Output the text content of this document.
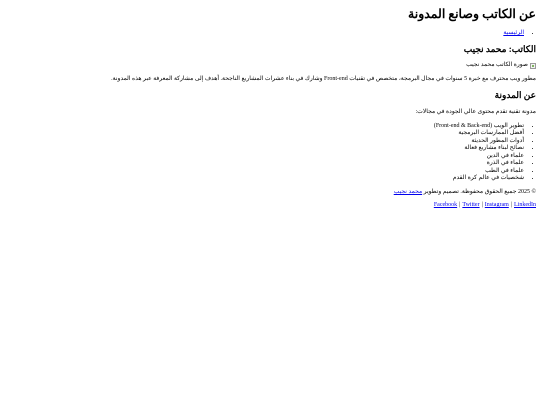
عن الكاتب وصانع المدونة
• الرئيسية
الكاتب: محمد نجيب
صورة الكاتب محمد نجيب

مطور ويب محترف مع خبرة 5 سنوات في مجال البرمجة، متخصص في تقنيات Front-end وشارك في بناء عشرات المشاريع الناجحة. أهدف إلى مشاركة المعرفة عبر هذه المدونة.

عن المدونة

مدونة تقنية تقدم محتوى عالي الجودة في مجالات:

• تطوير الويب (Front-end & Back-end)
• أفضل الممارسات البرمجية
• أدوات المطور الحديثة
• نصائح لبناء مشاريع فعالة
• علماء في الدين
• علماء في الذرة
• علماء في الطب
• شخصيات في عالم كرة القدم

© 2025 جميع الحقوق محفوظة. تصميم وتطوير محمد نجيب

Facebook | Twitter | Instagram | LinkedIn
